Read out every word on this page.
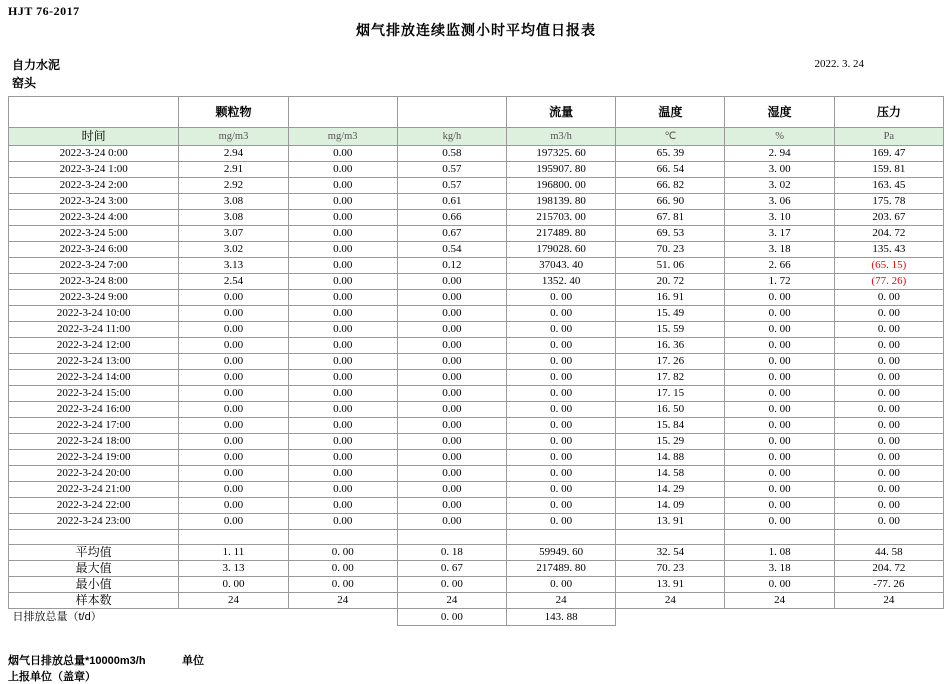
HJT 76-2017
烟气排放连续监测小时平均值日报表
自力水泥
窑头
2022. 3. 24
	颗粒物			流量	温度	湿度	压力
时间	mg/m3	mg/m3	kg/h	m3/h	℃	%	Pa
2022-3-24 0:00	2.94	0.00	0.58	197325. 60	65. 39	2. 94	169. 47
2022-3-24 1:00	2.91	0.00	0.57	195907. 80	66. 54	3. 00	159. 81
2022-3-24 2:00	2.92	0.00	0.57	196800. 00	66. 82	3. 02	163. 45
2022-3-24 3:00	3.08	0.00	0.61	198139. 80	66. 90	3. 06	175. 78
2022-3-24 4:00	3.08	0.00	0.66	215703. 00	67. 81	3. 10	203. 67
2022-3-24 5:00	3.07	0.00	0.67	217489. 80	69. 53	3. 17	204. 72
2022-3-24 6:00	3.02	0.00	0.54	179028. 60	70. 23	3. 18	135. 43
2022-3-24 7:00	3.13	0.00	0.12	37043. 40	51. 06	2. 66	(65. 15)
2022-3-24 8:00	2.54	0.00	0.00	1352. 40	20. 72	1. 72	(77. 26)
2022-3-24 9:00	0.00	0.00	0.00	0. 00	16. 91	0. 00	0. 00
2022-3-24 10:00	0.00	0.00	0.00	0. 00	15. 49	0. 00	0. 00
2022-3-24 11:00	0.00	0.00	0.00	0. 00	15. 59	0. 00	0. 00
2022-3-24 12:00	0.00	0.00	0.00	0. 00	16. 36	0. 00	0. 00
2022-3-24 13:00	0.00	0.00	0.00	0. 00	17. 26	0. 00	0. 00
2022-3-24 14:00	0.00	0.00	0.00	0. 00	17. 82	0. 00	0. 00
2022-3-24 15:00	0.00	0.00	0.00	0. 00	17. 15	0. 00	0. 00
2022-3-24 16:00	0.00	0.00	0.00	0. 00	16. 50	0. 00	0. 00
2022-3-24 17:00	0.00	0.00	0.00	0. 00	15. 84	0. 00	0. 00
2022-3-24 18:00	0.00	0.00	0.00	0. 00	15. 29	0. 00	0. 00
2022-3-24 19:00	0.00	0.00	0.00	0. 00	14. 88	0. 00	0. 00
2022-3-24 20:00	0.00	0.00	0.00	0. 00	14. 58	0. 00	0. 00
2022-3-24 21:00	0.00	0.00	0.00	0. 00	14. 29	0. 00	0. 00
2022-3-24 22:00	0.00	0.00	0.00	0. 00	14. 09	0. 00	0. 00
2022-3-24 23:00	0.00	0.00	0.00	0. 00	13. 91	0. 00	0. 00

平均值	1. 11	0. 00	0. 18	59949. 60	32. 54	1. 08	44. 58
最大值	3. 13	0. 00	0. 67	217489. 80	70. 23	3. 18	204. 72
最小值	0. 00	0. 00	0. 00	0. 00	13. 91	0. 00	-77. 26
样本数	24	24	24	24	24	24	24
日排放总量（t/d）			0. 00	143. 88			
烟气日排放总量*10000m3/h
上报单位（盖章）
单位
